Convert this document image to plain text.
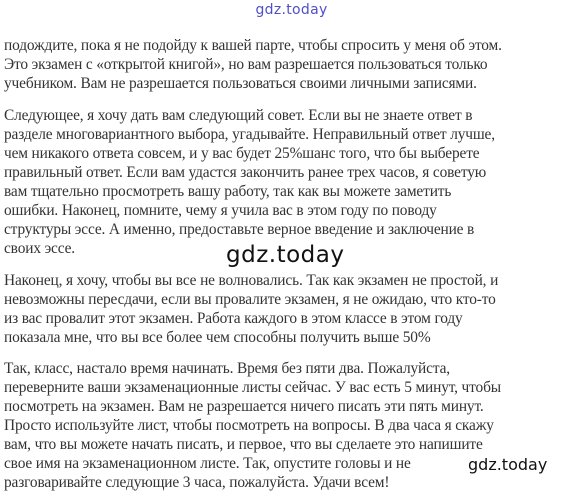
gdz.today
подождите, пока я не подойду к вашей парте, чтобы спросить у меня об этом.
Это экзамен с «открытой книгой», но вам разрешается пользоваться только
учебником. Вам не разрешается пользоваться своими личными записями.
Следующее, я хочу дать вам следующий совет. Если вы не знаете ответ в
разделе многовариантного выбора, угадывайте. Неправильный ответ лучше,
чем никакого ответа совсем, и у вас будет 25%шанс того, что бы выберете
правильный ответ. Если вам удастся закончить ранее трех часов, я советую
вам тщательно просмотреть вашу работу, так как вы можете заметить
ошибки. Наконец, помните, чему я учила вас в этом году по поводу
структуры эссе. А именно, предоставьте верное введение и заключение в
своих эссе.
Наконец, я хочу, чтобы вы все не волновались. Так как экзамен не простой, и
невозможны пересдачи, если вы провалите экзамен, я не ожидаю, что кто-то
из вас провалит этот экзамен. Работа каждого в этом классе в этом году
показала мне, что вы все более чем способны получить выше 50%
Так, класс, настало время начинать. Время без пяти два. Пожалуйста,
переверните ваши экзаменационные листы сейчас. У вас есть 5 минут, чтобы
посмотреть на экзамен. Вам не разрешается ничего писать эти пять минут.
Просто используйте лист, чтобы посмотреть на вопросы. В два часа я скажу
вам, что вы можете начать писать, и первое, что вы сделаете это напишите
свое имя на экзаменационном листе. Так, опустите головы и не
разговаривайте следующие 3 часа, пожалуйста. Удачи всем!
gdz.today
gdz.today
